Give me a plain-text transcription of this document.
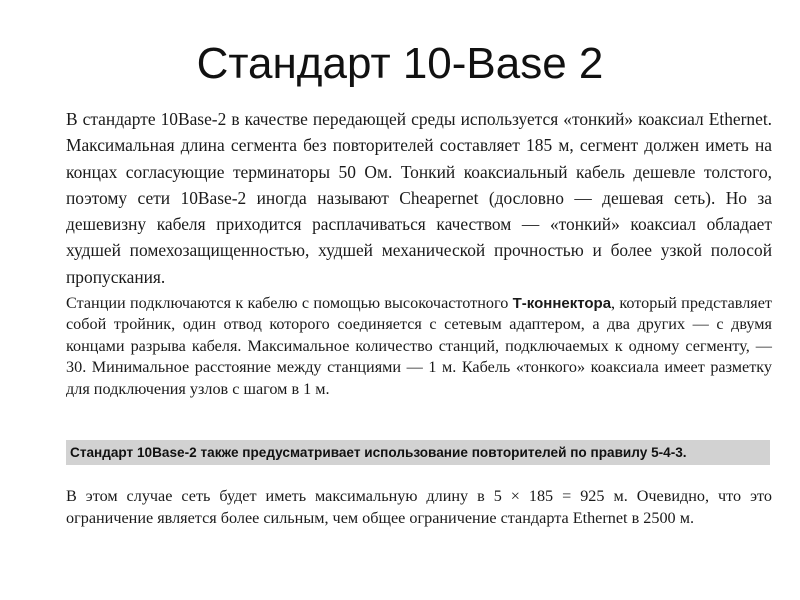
Стандарт 10-Base 2

В стандарте 10Base-2 в качестве передающей среды используется «тонкий» коаксиал Ethernet. Максимальная длина сегмента без повторителей составляет 185 м, сегмент должен иметь на концах согласующие терминаторы 50 Ом. Тонкий коаксиальный кабель дешевле толстого, поэтому сети 10Base-2 иногда называют Cheapernet (дословно — дешевая сеть). Но за дешевизну кабеля приходится расплачиваться качеством — «тонкий» коаксиал обладает худшей помехозащищенностью, худшей механической прочностью и более узкой полосой пропускания.

Станции подключаются к кабелю с помощью высокочастотного Т-коннектора, который представляет собой тройник, один отвод которого соединяется с сетевым адаптером, а два других — с двумя концами разрыва кабеля. Максимальное количество станций, подключаемых к одному сегменту, — 30. Минимальное расстояние между станциями — 1 м. Кабель «тонкого» коаксиала имеет разметку для подключения узлов с шагом в 1 м.

Стандарт 10Base-2 также предусматривает использование повторителей по правилу 5-4-3.

В этом случае сеть будет иметь максимальную длину в 5 × 185 = 925 м. Очевидно, что это ограничение является более сильным, чем общее ограничение стандарта Ethernet в 2500 м.
